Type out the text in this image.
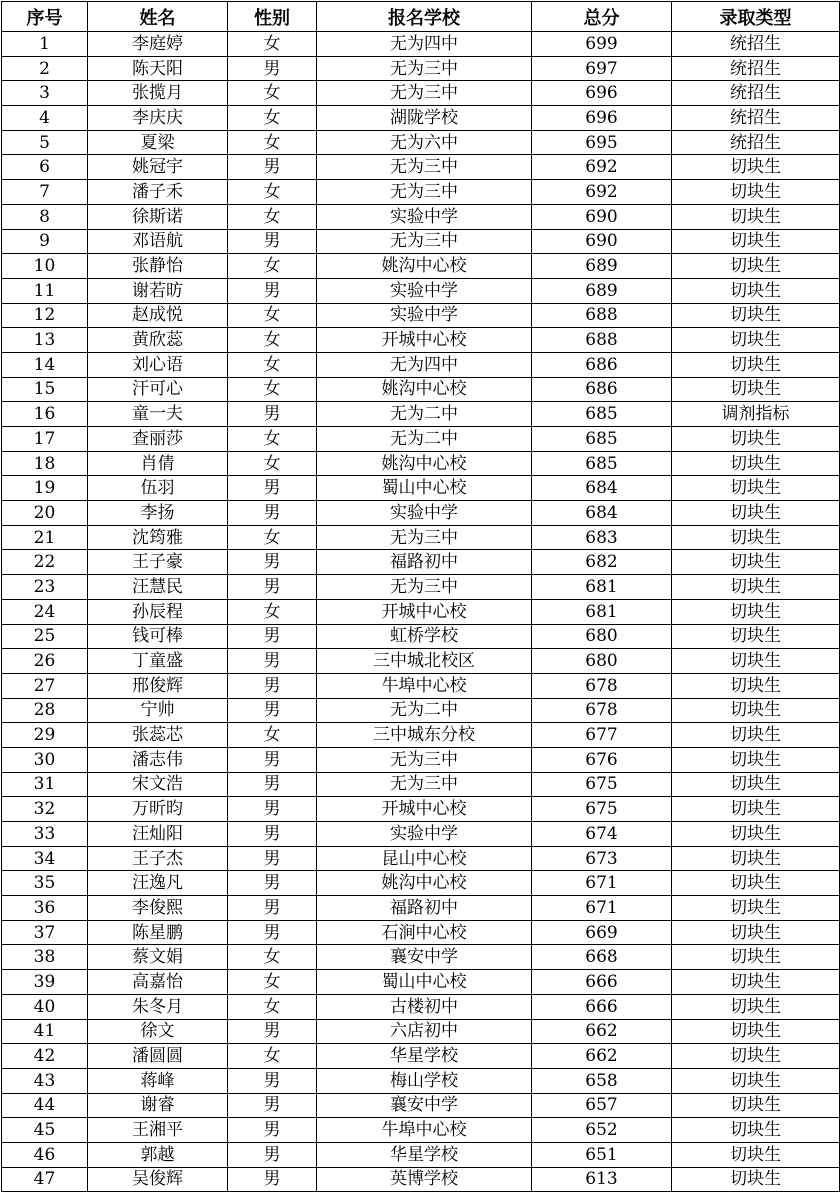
序号	姓名	性别	报名学校	总分	录取类型
1	李庭婷	女	无为四中	699	统招生
2	陈天阳	男	无为三中	697	统招生
3	张揽月	女	无为三中	696	统招生
4	李庆庆	女	湖陇学校	696	统招生
5	夏梁	女	无为六中	695	统招生
6	姚冠宇	男	无为三中	692	切块生
7	潘子禾	女	无为三中	692	切块生
8	徐斯诺	女	实验中学	690	切块生
9	邓语航	男	无为三中	690	切块生
10	张静怡	女	姚沟中心校	689	切块生
11	谢若昉	男	实验中学	689	切块生
12	赵成悦	女	实验中学	688	切块生
13	黄欣蕊	女	开城中心校	688	切块生
14	刘心语	女	无为四中	686	切块生
15	汗可心	女	姚沟中心校	686	切块生
16	童一夫	男	无为二中	685	调剂指标
17	查丽莎	女	无为二中	685	切块生
18	肖倩	女	姚沟中心校	685	切块生
19	伍羽	男	蜀山中心校	684	切块生
20	李扬	男	实验中学	684	切块生
21	沈筠雅	女	无为三中	683	切块生
22	王子豪	男	福路初中	682	切块生
23	汪慧民	男	无为三中	681	切块生
24	孙辰程	女	开城中心校	681	切块生
25	钱可棒	男	虹桥学校	680	切块生
26	丁童盛	男	三中城北校区	680	切块生
27	邢俊辉	男	牛埠中心校	678	切块生
28	宁帅	男	无为二中	678	切块生
29	张蕊芯	女	三中城东分校	677	切块生
30	潘志伟	男	无为三中	676	切块生
31	宋文浩	男	无为三中	675	切块生
32	万昕昀	男	开城中心校	675	切块生
33	汪灿阳	男	实验中学	674	切块生
34	王子杰	男	昆山中心校	673	切块生
35	汪逸凡	男	姚沟中心校	671	切块生
36	李俊熙	男	福路初中	671	切块生
37	陈星鹏	男	石涧中心校	669	切块生
38	蔡文娟	女	襄安中学	668	切块生
39	高嘉怡	女	蜀山中心校	666	切块生
40	朱冬月	女	古楼初中	666	切块生
41	徐文	男	六店初中	662	切块生
42	潘圆圆	女	华星学校	662	切块生
43	蒋峰	男	梅山学校	658	切块生
44	谢睿	男	襄安中学	657	切块生
45	王湘平	男	牛埠中心校	652	切块生
46	郭越	男	华星学校	651	切块生
47	吴俊辉	男	英博学校	613	切块生
